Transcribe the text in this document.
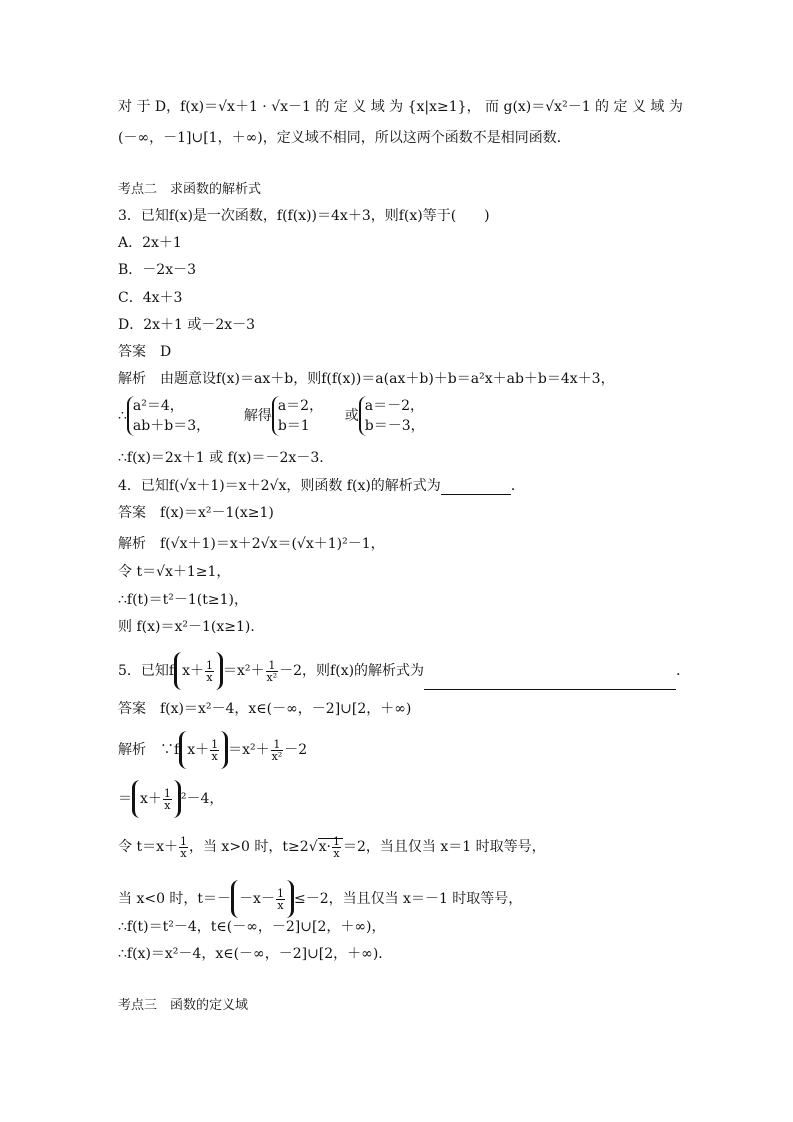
对 于 D，f(x)＝√x＋1 · √x－1 的 定 义 域 为 {x|x≥1}， 而 g(x)＝√x²－1 的 定 义 域 为
(－∞，－1]∪[1，＋∞)，定义域不相同，所以这两个函数不是相同函数．
考点二　求函数的解析式
3．已知f(x)是一次函数，f(f(x))＝4x＋3，则f(x)等于(　　)
A．2x＋1
B．－2x－3
C．4x＋3
D．2x＋1 或－2x－3
答案　D
解析　由题意设f(x)＝ax＋b，则f(f(x))＝a(ax＋b)＋b＝a²x＋ab＋b＝4x＋3，
∴
a²＝4，
ab＋b＝3，
解得
a＝2，
b＝1
或
a＝－2，
b＝－3，
∴f(x)＝2x＋1 或 f(x)＝－2x－3.
4．已知f(√x＋1)＝x＋2√x，则函数 f(x)的解析式为	．
答案　f(x)＝x²－1(x≥1)
解析　f(√x＋1)＝x＋2√x＝(√x＋1)²－1，
令 t＝√x＋1≥1，
∴f(t)＝t²－1(t≥1)，
则 f(x)＝x²－1(x≥1)．
5．已知f $x+ \frac{1}{x} =x^2+ \frac{1}{\text{x²}} -2$，则f(x)的解析式为	．
答案　f(x)＝x²－4，x∈(－∞，－2]∪[2，＋∞)
解析　∵f $x+ \frac{1}{x} =x^2+ \frac{1}{\text{x²}} -2$
＝ $x+ \frac{1}{x} ^2-4$，
令 $t=x+ \frac{1}{x}$ ，当 x>0 时，$t\ge 2√x\cdot \frac{1}{x} =2$，当且仅当 x＝1 时取等号，
当 x<0 时，$t=- -x- \frac{1}{x} \le-2$，当且仅当 x＝－1 时取等号，
∴f(t)＝t²－4，t∈(－∞，－2]∪[2，＋∞)，
∴f(x)＝x²－4，x∈(－∞，－2]∪[2，＋∞)．
考点三　函数的定义域
